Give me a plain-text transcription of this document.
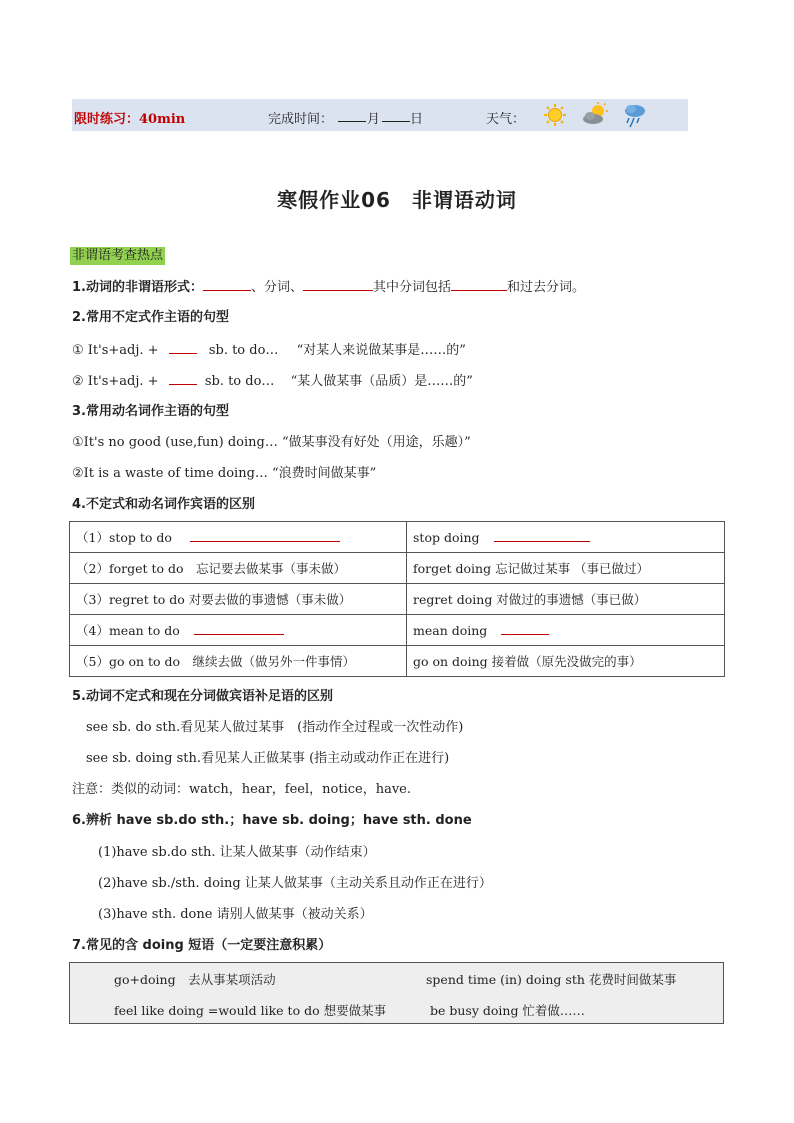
限时练习：40min	完成时间：	月 日	天气：
寒假作业06　非谓语动词
非谓语考查热点
1.动词的非谓语形式：	、分词、	其中分词包括	和过去分词。
2.常用不定式作主语的句型
① It's+adj. +	sb. to do… “对某人来说做某事是……的”
② It's+adj. +	sb. to do… “某人做某事（品质）是……的”
3.常用动名词作主语的句型
①It's no good (use,fun) doing… “做某事没有好处（用途，乐趣）”
②It is a waste of time doing… “浪费时间做某事”
4.不定式和动名词作宾语的区别
（1）stop to do	stop doing
（2）forget to do　忘记要去做某事（事未做）	forget doing 忘记做过某事 （事已做过）
（3）regret to do 对要去做的事遗憾（事未做）	regret doing 对做过的事遗憾（事已做）
（4）mean to do	mean doing
（5）go on to do　继续去做（做另外一件事情）	go on doing 接着做（原先没做完的事）
5.动词不定式和现在分词做宾语补足语的区别
see sb. do sth.看见某人做过某事　(指动作全过程或一次性动作)
see sb. doing sth.看见某人正做某事 (指主动或动作正在进行)
注意：类似的动词：watch，hear，feel，notice，have.
6.辨析 have sb.do sth.；have sb. doing；have sth. done
(1)have sb.do sth. 让某人做某事（动作结束）
(2)have sb./sth. doing 让某人做某事（主动关系且动作正在进行）
(3)have sth. done 请别人做某事（被动关系）
7.常见的含 doing 短语（一定要注意积累）
go+doing　去从事某项活动	spend time (in) doing sth 花费时间做某事
feel like doing =would like to do 想要做某事	be busy doing 忙着做……
